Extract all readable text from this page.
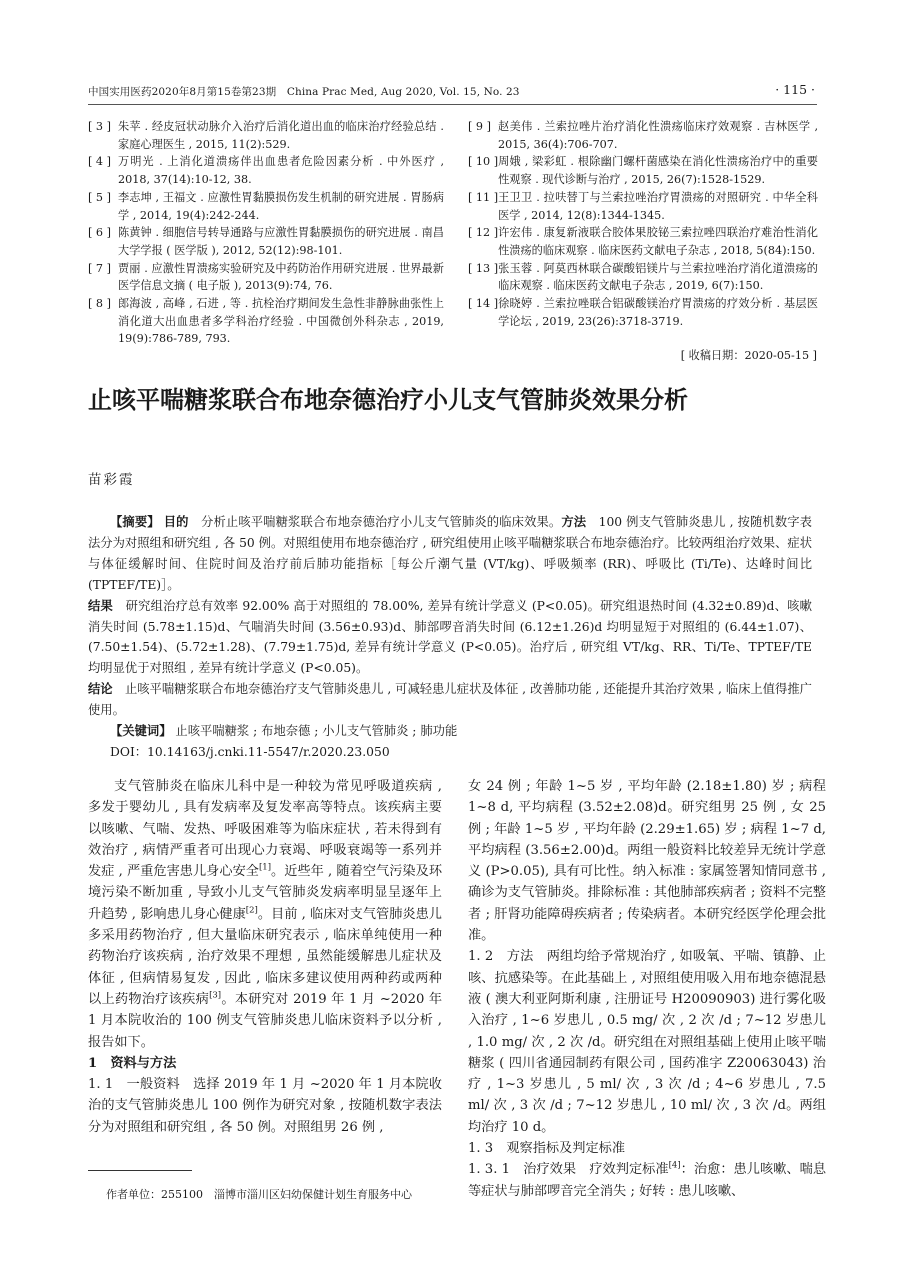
中国实用医药2020年8月第15卷第23期　China Prac Med, Aug 2020, Vol. 15, No. 23	· 115 ·
[ 3 ] 朱苹 . 经皮冠状动脉介入治疗后消化道出血的临床治疗经验总结 . 家庭心理医生 , 2015, 11(2):529.
[ 4 ] 万明光 . 上消化道溃疡伴出血患者危险因素分析 . 中外医疗 , 2018, 37(14):10-12, 38.
[ 5 ] 李志坤 , 王福文 . 应激性胃黏膜损伤发生机制的研究进展 . 胃肠病学 , 2014, 19(4):242-244.
[ 6 ] 陈黄钟 . 细胞信号转导通路与应激性胃黏膜损伤的研究进展 . 南昌大学学报 ( 医学版 ), 2012, 52(12):98-101.
[ 7 ] 贾丽 . 应激性胃溃疡实验研究及中药防治作用研究进展 . 世界最新医学信息文摘 ( 电子版 ), 2013(9):74, 76.
[ 8 ] 郎海波 , 高峰 , 石进 , 等 . 抗栓治疗期间发生急性非静脉曲张性上消化道大出血患者多学科治疗经验 . 中国微创外科杂志 , 2019, 19(9):786-789, 793.
[ 9 ] 赵美伟 . 兰索拉唑片治疗消化性溃疡临床疗效观察 . 吉林医学 , 2015, 36(4):706-707.
[ 10 ] 周娥 , 梁彩虹 . 根除幽门螺杆菌感染在消化性溃疡治疗中的重要性观察 . 现代诊断与治疗 , 2015, 26(7):1528-1529.
[ 11 ] 王卫卫 . 拉呋替丁与兰索拉唑治疗胃溃疡的对照研究 . 中华全科医学 , 2014, 12(8):1344-1345.
[ 12 ] 许宏伟 . 康复新液联合胶体果胶铋三索拉唑四联治疗难治性消化性溃疡的临床观察 . 临床医药文献电子杂志 , 2018, 5(84):150.
[ 13 ] 张玉蓉 . 阿莫西林联合碳酸铝镁片与兰索拉唑治疗消化道溃疡的临床观察 . 临床医药文献电子杂志 , 2019, 6(7):150.
[ 14 ] 徐晓婷 . 兰索拉唑联合铝碳酸镁治疗胃溃疡的疗效分析 . 基层医学论坛 , 2019, 23(26):3718-3719.
[ 收稿日期：2020-05-15 ]
止咳平喘糖浆联合布地奈德治疗小儿支气管肺炎效果分析
苗彩霞

【摘要】 目的　 分析止咳平喘糖浆联合布地奈德治疗小儿支气管肺炎的临床效果。方法　 100 例支气管肺炎患儿 , 按随机数字表法分为对照组和研究组 , 各 50 例。对照组使用布地奈德治疗 , 研究组使用止咳平喘糖浆联合布地奈德治疗。比较两组治疗效果、症状与体征缓解时间、住院时间及治疗前后肺功能指标［每公斤潮气量 (VT/kg)、呼吸频率 (RR)、呼吸比 (Ti/Te)、达峰时间比 (TPTEF/TE)］。

结果　 研究组治疗总有效率 92.00% 高于对照组的 78.00%, 差异有统计学意义 (P<0.05)。研究组退热时间 (4.32±0.89)d、咳嗽消失时间 (5.78±1.15)d、气喘消失时间 (3.56±0.93)d、肺部啰音消失时间 (6.12±1.26)d 均明显短于对照组的 (6.44±1.07)、(7.50±1.54)、(5.72±1.28)、(7.79±1.75)d, 差异有统计学意义 (P<0.05)。治疗后 , 研究组 VT/kg、RR、Ti/Te、TPTEF/TE 均明显优于对照组 , 差异有统计学意义 (P<0.05)。

结论　 止咳平喘糖浆联合布地奈德治疗支气管肺炎患儿 , 可减轻患儿症状及体征 , 改善肺功能 , 还能提升其治疗效果 , 临床上值得推广使用。

【关键词】 止咳平喘糖浆 ; 布地奈德 ; 小儿支气管肺炎 ; 肺功能

DOI：10.14163/j.cnki.11-5547/r.2020.23.050

支气管肺炎在临床儿科中是一种较为常见呼吸道疾病 , 多发于婴幼儿 , 具有发病率及复发率高等特点。该疾病主要以咳嗽、气喘、发热、呼吸困难等为临床症状 , 若未得到有效治疗 , 病情严重者可出现心力衰竭、呼吸衰竭等一系列并发症 , 严重危害患儿身心安全[1]。近些年 , 随着空气污染及环境污染不断加重 , 导致小儿支气管肺炎发病率明显呈逐年上升趋势 , 影响患儿身心健康[2]。目前 , 临床对支气管肺炎患儿多采用药物治疗 , 但大量临床研究表示 , 临床单纯使用一种药物治疗该疾病 , 治疗效果不理想 , 虽然能缓解患儿症状及体征 , 但病情易复发 , 因此 , 临床多建议使用两种药或两种以上药物治疗该疾病[3]。本研究对 2019 年 1 月 ~2020 年 1 月本院收治的 100 例支气管肺炎患儿临床资料予以分析 , 报告如下。

1　资料与方法

1. 1　一般资料　 选择 2019 年 1 月 ~2020 年 1 月本院收治的支气管肺炎患儿 100 例作为研究对象 , 按随机数字表法分为对照组和研究组 , 各 50 例。对照组男 26 例 ,

女 24 例 ; 年龄 1~5 岁 , 平均年龄 (2.18±1.80) 岁 ; 病程 1~8 d, 平均病程 (3.52±2.08)d。研究组男 25 例 , 女 25 例 ; 年龄 1~5 岁 , 平均年龄 (2.29±1.65) 岁 ; 病程 1~7 d, 平均病程 (3.56±2.00)d。两组一般资料比较差异无统计学意义 (P>0.05), 具有可比性。纳入标准 : 家属签署知情同意书 , 确诊为支气管肺炎。排除标准 : 其他肺部疾病者 ; 资料不完整者 ; 肝肾功能障碍疾病者 ; 传染病者。本研究经医学伦理会批准。

1. 2　方法　 两组均给予常规治疗 , 如吸氧、平喘、镇静、止咳、抗感染等。在此基础上 , 对照组使用吸入用布地奈德混悬液 ( 澳大利亚阿斯利康 , 注册证号 H20090903) 进行雾化吸入治疗 , 1~6 岁患儿 , 0.5 mg/ 次 , 2 次 /d ; 7~12 岁患儿 , 1.0 mg/ 次 , 2 次 /d。研究组在对照组基础上使用止咳平喘糖浆 ( 四川省通园制药有限公司 , 国药准字 Z20063043) 治疗 , 1~3 岁患儿 , 5 ml/ 次 , 3 次 /d ; 4~6 岁患儿 , 7.5 ml/ 次 , 3 次 /d ; 7~12 岁患儿 , 10 ml/ 次 , 3 次 /d。两组均治疗 10 d。

1. 3　观察指标及判定标准

1. 3. 1　治疗效果　 疗效判定标准[4]：治愈：患儿咳嗽、喘息等症状与肺部啰音完全消失 ; 好转 : 患儿咳嗽、

作者单位：255100　淄博市淄川区妇幼保健计划生育服务中心
